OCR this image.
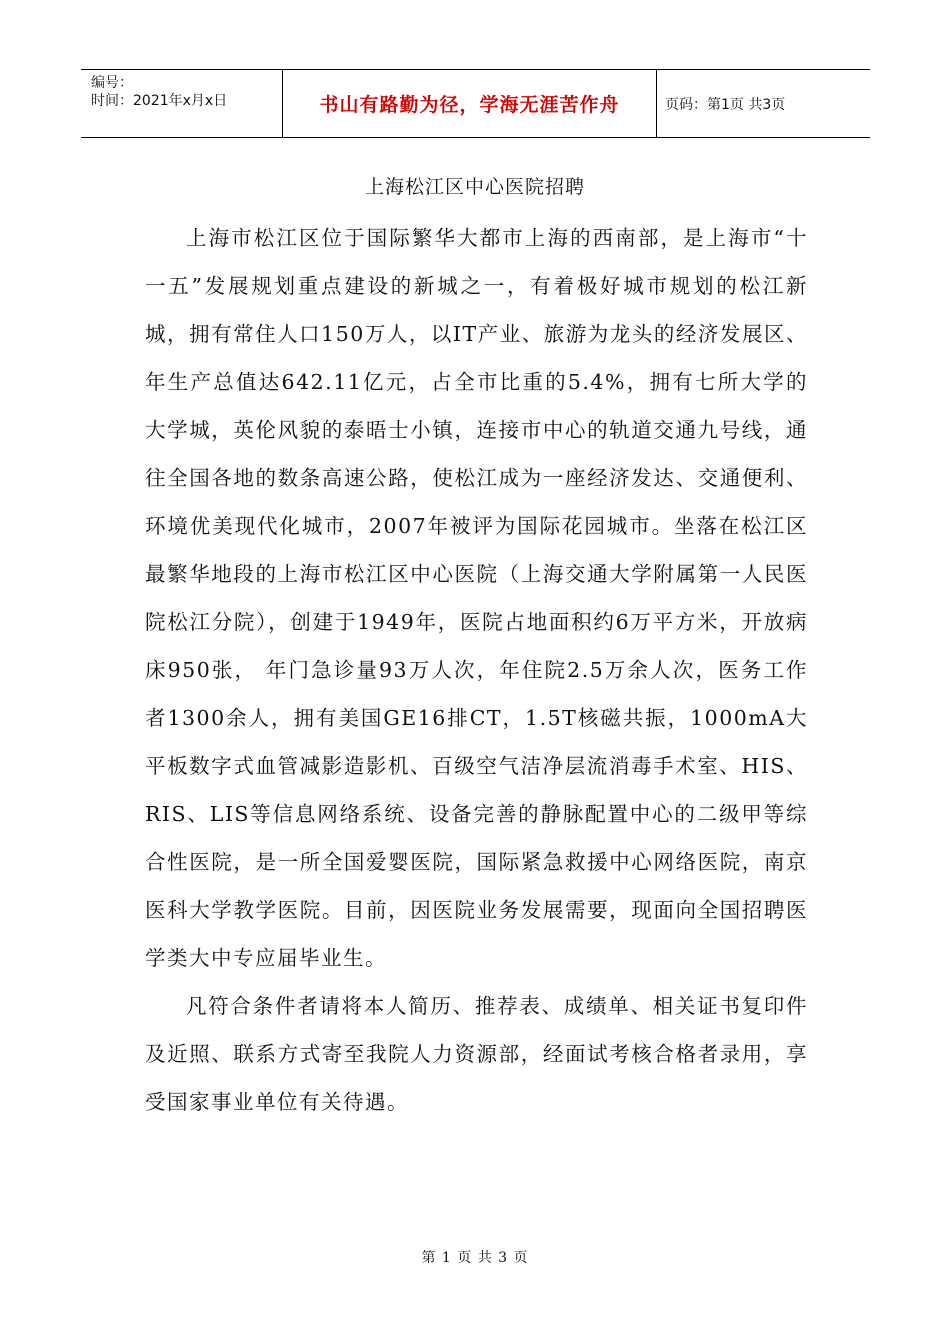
编号：
时间：2021年x月x日	书山有路勤为径，学海无涯苦作舟	页码：第1页 共3页
上海松江区中心医院招聘

上海市松江区位于国际繁华大都市上海的西南部，是上海市“十一五”发展规划重点建设的新城之一，有着极好城市规划的松江新城，拥有常住人口150万人，以IT产业、旅游为龙头的经济发展区、年生产总值达642.11亿元，占全市比重的5.4%，拥有七所大学的大学城，英伦风貌的泰晤士小镇，连接市中心的轨道交通九号线，通往全国各地的数条高速公路，使松江成为一座经济发达、交通便利、环境优美现代化城市，2007年被评为国际花园城市。坐落在松江区最繁华地段的上海市松江区中心医院（上海交通大学附属第一人民医院松江分院），创建于1949年，医院占地面积约6万平方米，开放病床950张， 年门急诊量93万人次，年住院2.5万余人次，医务工作者1300余人，拥有美国GE16排CT，1.5T核磁共振，1000mA大平板数字式血管减影造影机、百级空气洁净层流消毒手术室、HIS、RIS、LIS等信息网络系统、设备完善的静脉配置中心的二级甲等综合性医院，是一所全国爱婴医院，国际紧急救援中心网络医院，南京医科大学教学医院。目前，因医院业务发展需要，现面向全国招聘医学类大中专应届毕业生。

凡符合条件者请将本人简历、推荐表、成绩单、相关证书复印件及近照、联系方式寄至我院人力资源部，经面试考核合格者录用，享受国家事业单位有关待遇。

第 1 页 共 3 页
